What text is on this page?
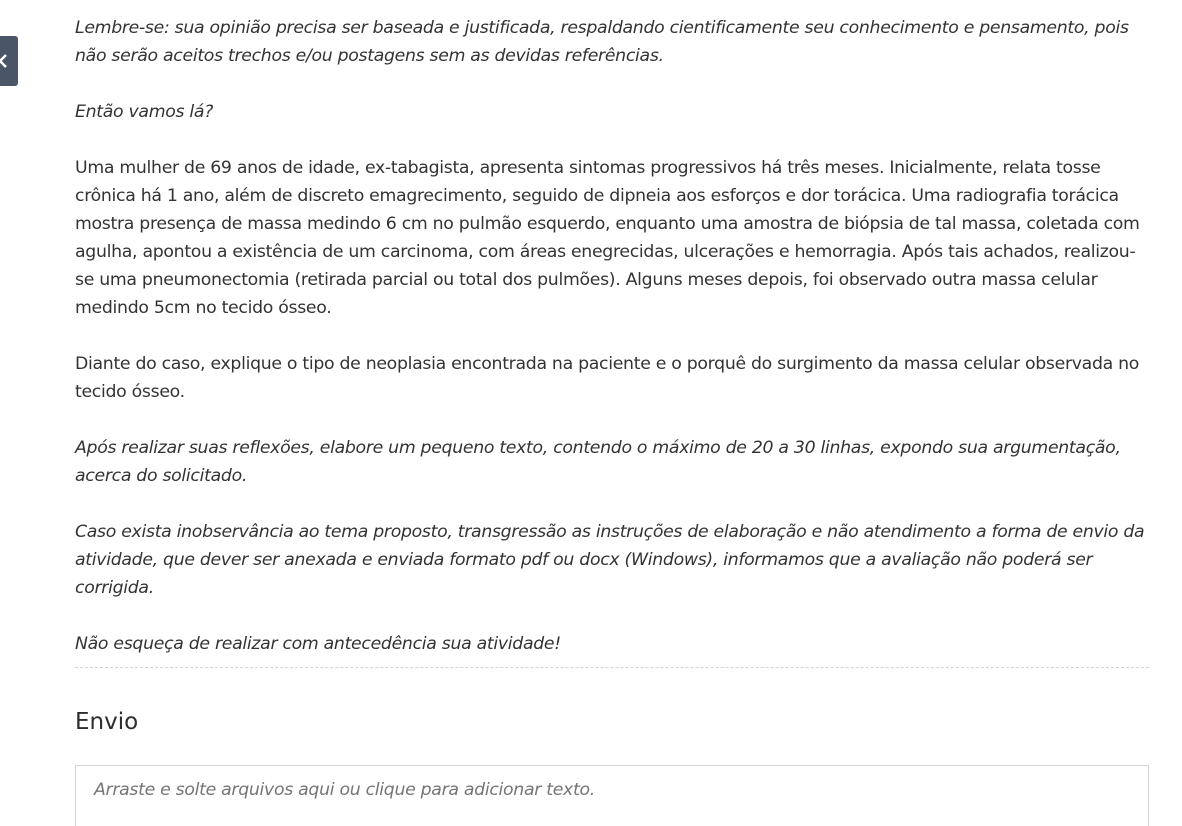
Lembre-se: sua opinião precisa ser baseada e justificada, respaldando cientificamente seu conhecimento e pensamento, pois não serão aceitos trechos e/ou postagens sem as devidas referências.

Então vamos lá?

Uma mulher de 69 anos de idade, ex-tabagista, apresenta sintomas progressivos há três meses. Inicialmente, relata tosse crônica há 1 ano, além de discreto emagrecimento, seguido de dipneia aos esforços e dor torácica. Uma radiografia torácica mostra presença de massa medindo 6 cm no pulmão esquerdo, enquanto uma amostra de biópsia de tal massa, coletada com agulha, apontou a existência de um carcinoma, com áreas enegrecidas, ulcerações e hemorragia. Após tais achados, realizou-se uma pneumonectomia (retirada parcial ou total dos pulmões). Alguns meses depois, foi observado outra massa celular medindo 5cm no tecido ósseo.

Diante do caso, explique o tipo de neoplasia encontrada na paciente e o porquê do surgimento da massa celular observada no tecido ósseo.

Após realizar suas reflexões, elabore um pequeno texto, contendo o máximo de 20 a 30 linhas, expondo sua argumentação, acerca do solicitado.

Caso exista inobservância ao tema proposto, transgressão as instruções de elaboração e não atendimento a forma de envio da atividade, que dever ser anexada e enviada formato pdf ou docx (Windows), informamos que a avaliação não poderá ser corrigida.

Não esqueça de realizar com antecedência sua atividade!

Envio
Arraste e solte arquivos aqui ou clique para adicionar texto.
